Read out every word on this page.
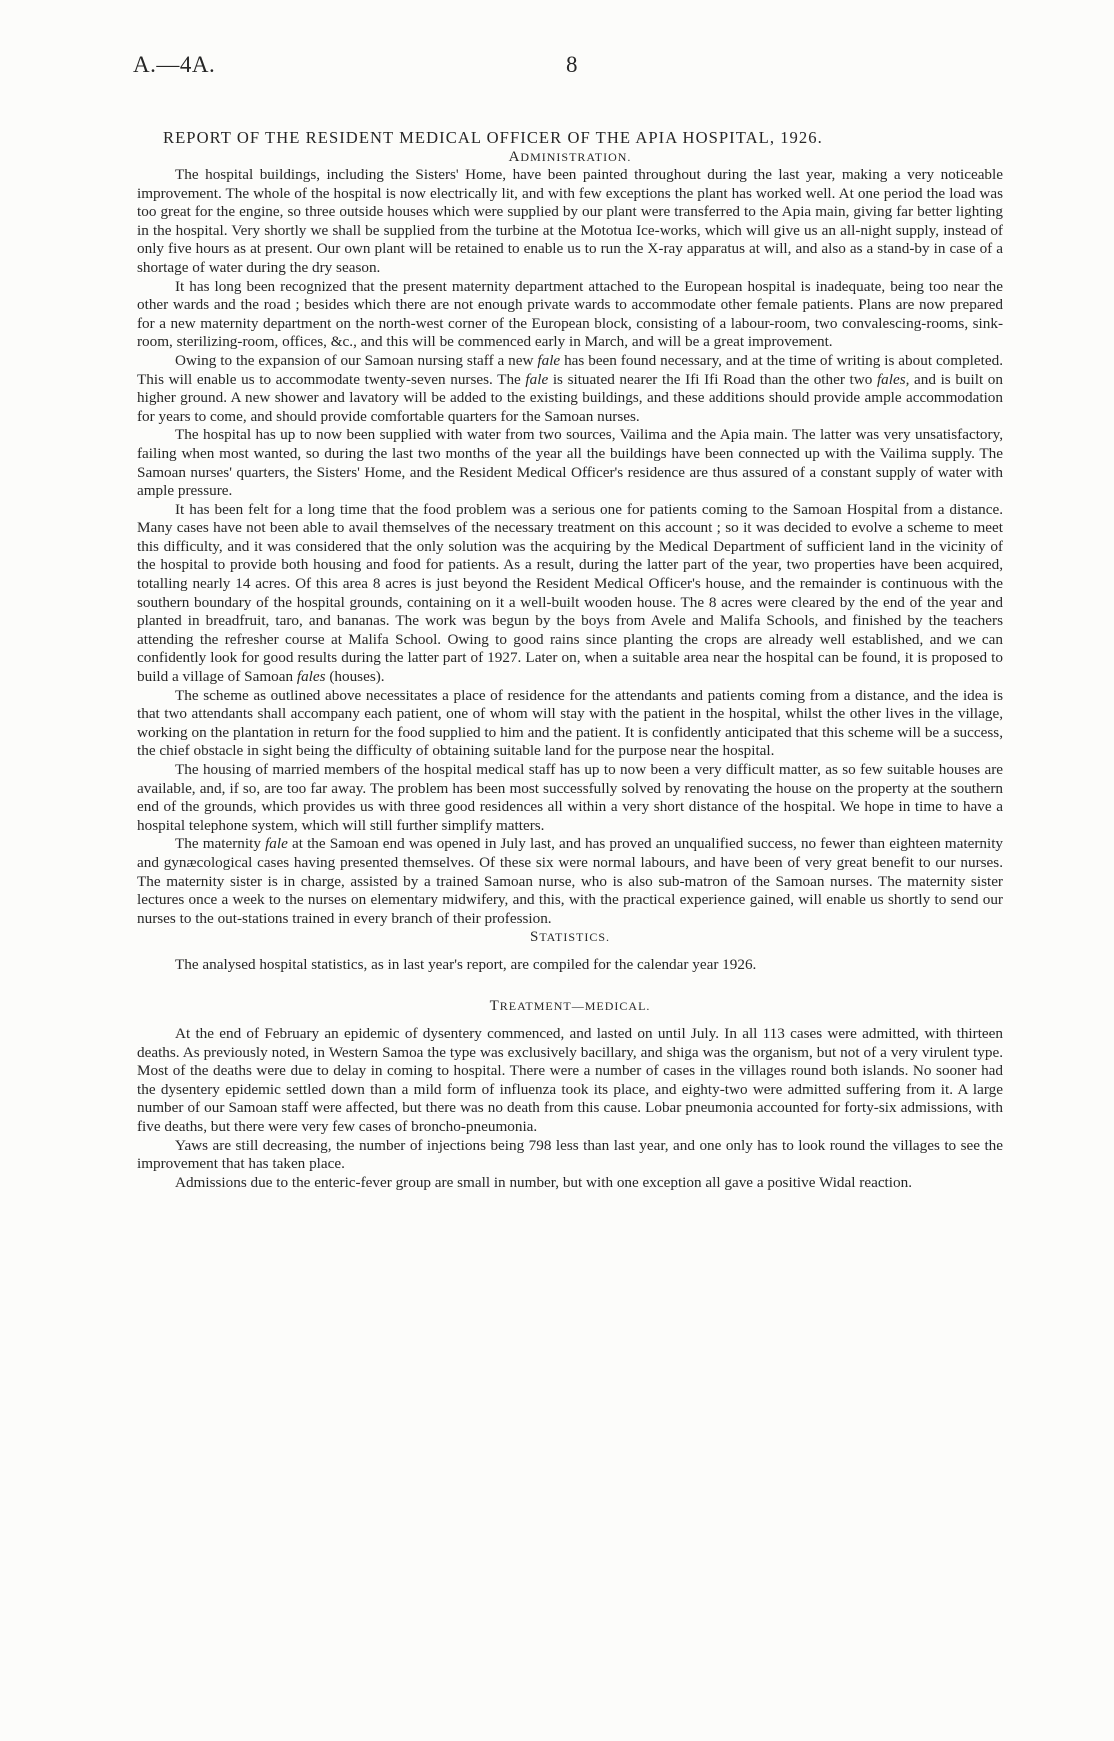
A.—4A.	8
REPORT OF THE RESIDENT MEDICAL OFFICER OF THE APIA HOSPITAL, 1926.
ADMINISTRATION.

The hospital buildings, including the Sisters' Home, have been painted throughout during the last year, making a very noticeable improvement. The whole of the hospital is now electrically lit, and with few exceptions the plant has worked well. At one period the load was too great for the engine, so three outside houses which were supplied by our plant were transferred to the Apia main, giving far better lighting in the hospital. Very shortly we shall be supplied from the turbine at the Mototua Ice-works, which will give us an all-night supply, instead of only five hours as at present. Our own plant will be retained to enable us to run the X-ray apparatus at will, and also as a stand-by in case of a shortage of water during the dry season.

It has long been recognized that the present maternity department attached to the European hospital is inadequate, being too near the other wards and the road ; besides which there are not enough private wards to accommodate other female patients. Plans are now prepared for a new maternity department on the north-west corner of the European block, consisting of a labour-room, two convalescing-rooms, sink-room, sterilizing-room, offices, &c., and this will be commenced early in March, and will be a great improvement.

Owing to the expansion of our Samoan nursing staff a new fale has been found necessary, and at the time of writing is about completed. This will enable us to accommodate twenty-seven nurses. The fale is situated nearer the Ifi Ifi Road than the other two fales, and is built on higher ground. A new shower and lavatory will be added to the existing buildings, and these additions should provide ample accommodation for years to come, and should provide comfortable quarters for the Samoan nurses.

The hospital has up to now been supplied with water from two sources, Vailima and the Apia main. The latter was very unsatisfactory, failing when most wanted, so during the last two months of the year all the buildings have been connected up with the Vailima supply. The Samoan nurses' quarters, the Sisters' Home, and the Resident Medical Officer's residence are thus assured of a constant supply of water with ample pressure.

It has been felt for a long time that the food problem was a serious one for patients coming to the Samoan Hospital from a distance. Many cases have not been able to avail themselves of the necessary treatment on this account ; so it was decided to evolve a scheme to meet this difficulty, and it was considered that the only solution was the acquiring by the Medical Department of sufficient land in the vicinity of the hospital to provide both housing and food for patients. As a result, during the latter part of the year, two properties have been acquired, totalling nearly 14 acres. Of this area 8 acres is just beyond the Resident Medical Officer's house, and the remainder is continuous with the southern boundary of the hospital grounds, containing on it a well-built wooden house. The 8 acres were cleared by the end of the year and planted in breadfruit, taro, and bananas. The work was begun by the boys from Avele and Malifa Schools, and finished by the teachers attending the refresher course at Malifa School. Owing to good rains since planting the crops are already well established, and we can confidently look for good results during the latter part of 1927. Later on, when a suitable area near the hospital can be found, it is proposed to build a village of Samoan fales (houses).

The scheme as outlined above necessitates a place of residence for the attendants and patients coming from a distance, and the idea is that two attendants shall accompany each patient, one of whom will stay with the patient in the hospital, whilst the other lives in the village, working on the plantation in return for the food supplied to him and the patient. It is confidently anticipated that this scheme will be a success, the chief obstacle in sight being the difficulty of obtaining suitable land for the purpose near the hospital.

The housing of married members of the hospital medical staff has up to now been a very difficult matter, as so few suitable houses are available, and, if so, are too far away. The problem has been most successfully solved by renovating the house on the property at the southern end of the grounds, which provides us with three good residences all within a very short distance of the hospital. We hope in time to have a hospital telephone system, which will still further simplify matters.

The maternity fale at the Samoan end was opened in July last, and has proved an unqualified success, no fewer than eighteen maternity and gynæcological cases having presented themselves. Of these six were normal labours, and have been of very great benefit to our nurses. The maternity sister is in charge, assisted by a trained Samoan nurse, who is also sub-matron of the Samoan nurses. The maternity sister lectures once a week to the nurses on elementary midwifery, and this, with the practical experience gained, will enable us shortly to send our nurses to the out-stations trained in every branch of their profession.

STATISTICS.

The analysed hospital statistics, as in last year's report, are compiled for the calendar year 1926.

TREATMENT—MEDICAL.

At the end of February an epidemic of dysentery commenced, and lasted on until July. In all 113 cases were admitted, with thirteen deaths. As previously noted, in Western Samoa the type was exclusively bacillary, and shiga was the organism, but not of a very virulent type. Most of the deaths were due to delay in coming to hospital. There were a number of cases in the villages round both islands. No sooner had the dysentery epidemic settled down than a mild form of influenza took its place, and eighty-two were admitted suffering from it. A large number of our Samoan staff were affected, but there was no death from this cause. Lobar pneumonia accounted for forty-six admissions, with five deaths, but there were very few cases of broncho-pneumonia.

Yaws are still decreasing, the number of injections being 798 less than last year, and one only has to look round the villages to see the improvement that has taken place.

Admissions due to the enteric-fever group are small in number, but with one exception all gave a positive Widal reaction.
